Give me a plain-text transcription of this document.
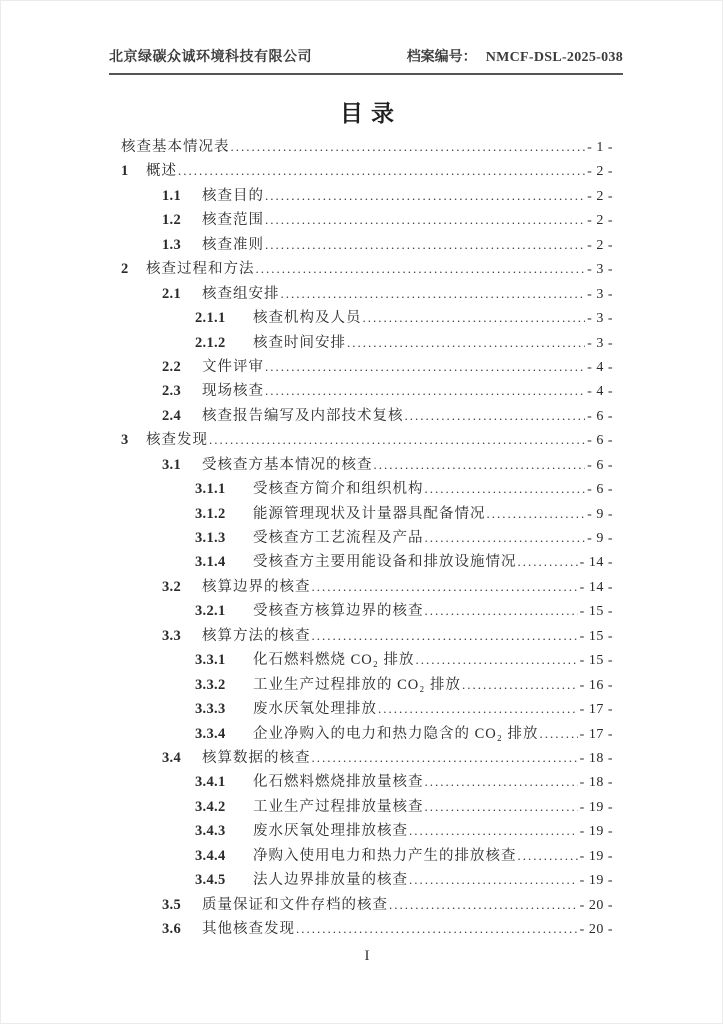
北京绿碳众诚环境科技有限公司	档案编号： NMCF-DSL-2025-038
目录
核查基本情况表 .....	- 1 -
1	概述 .....	- 2 -
1.1	核查目的 .....	- 2 -
1.2	核查范围 .....	- 2 -
1.3	核查准则 .....	- 2 -
2	核查过程和方法 .....	- 3 -
2.1	核查组安排 .....	- 3 -
2.1.1	核查机构及人员 .....	- 3 -
2.1.2	核查时间安排 .....	- 3 -
2.2	文件评审 .....	- 4 -
2.3	现场核查 .....	- 4 -
2.4	核查报告编写及内部技术复核 .....	- 6 -
3	核查发现 .....	- 6 -
3.1	受核查方基本情况的核查 .....	- 6 -
3.1.1	受核查方简介和组织机构 .....	- 6 -
3.1.2	能源管理现状及计量器具配备情况 .....	- 9 -
3.1.3	受核查方工艺流程及产品 .....	- 9 -
3.1.4	受核查方主要用能设备和排放设施情况 .....	- 14 -
3.2	核算边界的核查 .....	- 14 -
3.2.1	受核查方核算边界的核查 .....	- 15 -
3.3	核算方法的核查 .....	- 15 -
3.3.1	化石燃料燃烧 CO₂ 排放 .....	- 15 -
3.3.2	工业生产过程排放的 CO₂ 排放 .....	- 16 -
3.3.3	废水厌氧处理排放 .....	- 17 -
3.3.4	企业净购入的电力和热力隐含的 CO₂ 排放 .....	- 17 -
3.4	核算数据的核查 .....	- 18 -
3.4.1	化石燃料燃烧排放量核查 .....	- 18 -
3.4.2	工业生产过程排放量核查 .....	- 19 -
3.4.3	废水厌氧处理排放核查 .....	- 19 -
3.4.4	净购入使用电力和热力产生的排放核查 .....	- 19 -
3.4.5	法人边界排放量的核查 .....	- 19 -
3.5	质量保证和文件存档的核查 .....	- 20 -
3.6	其他核查发现 .....	- 20 -
I
